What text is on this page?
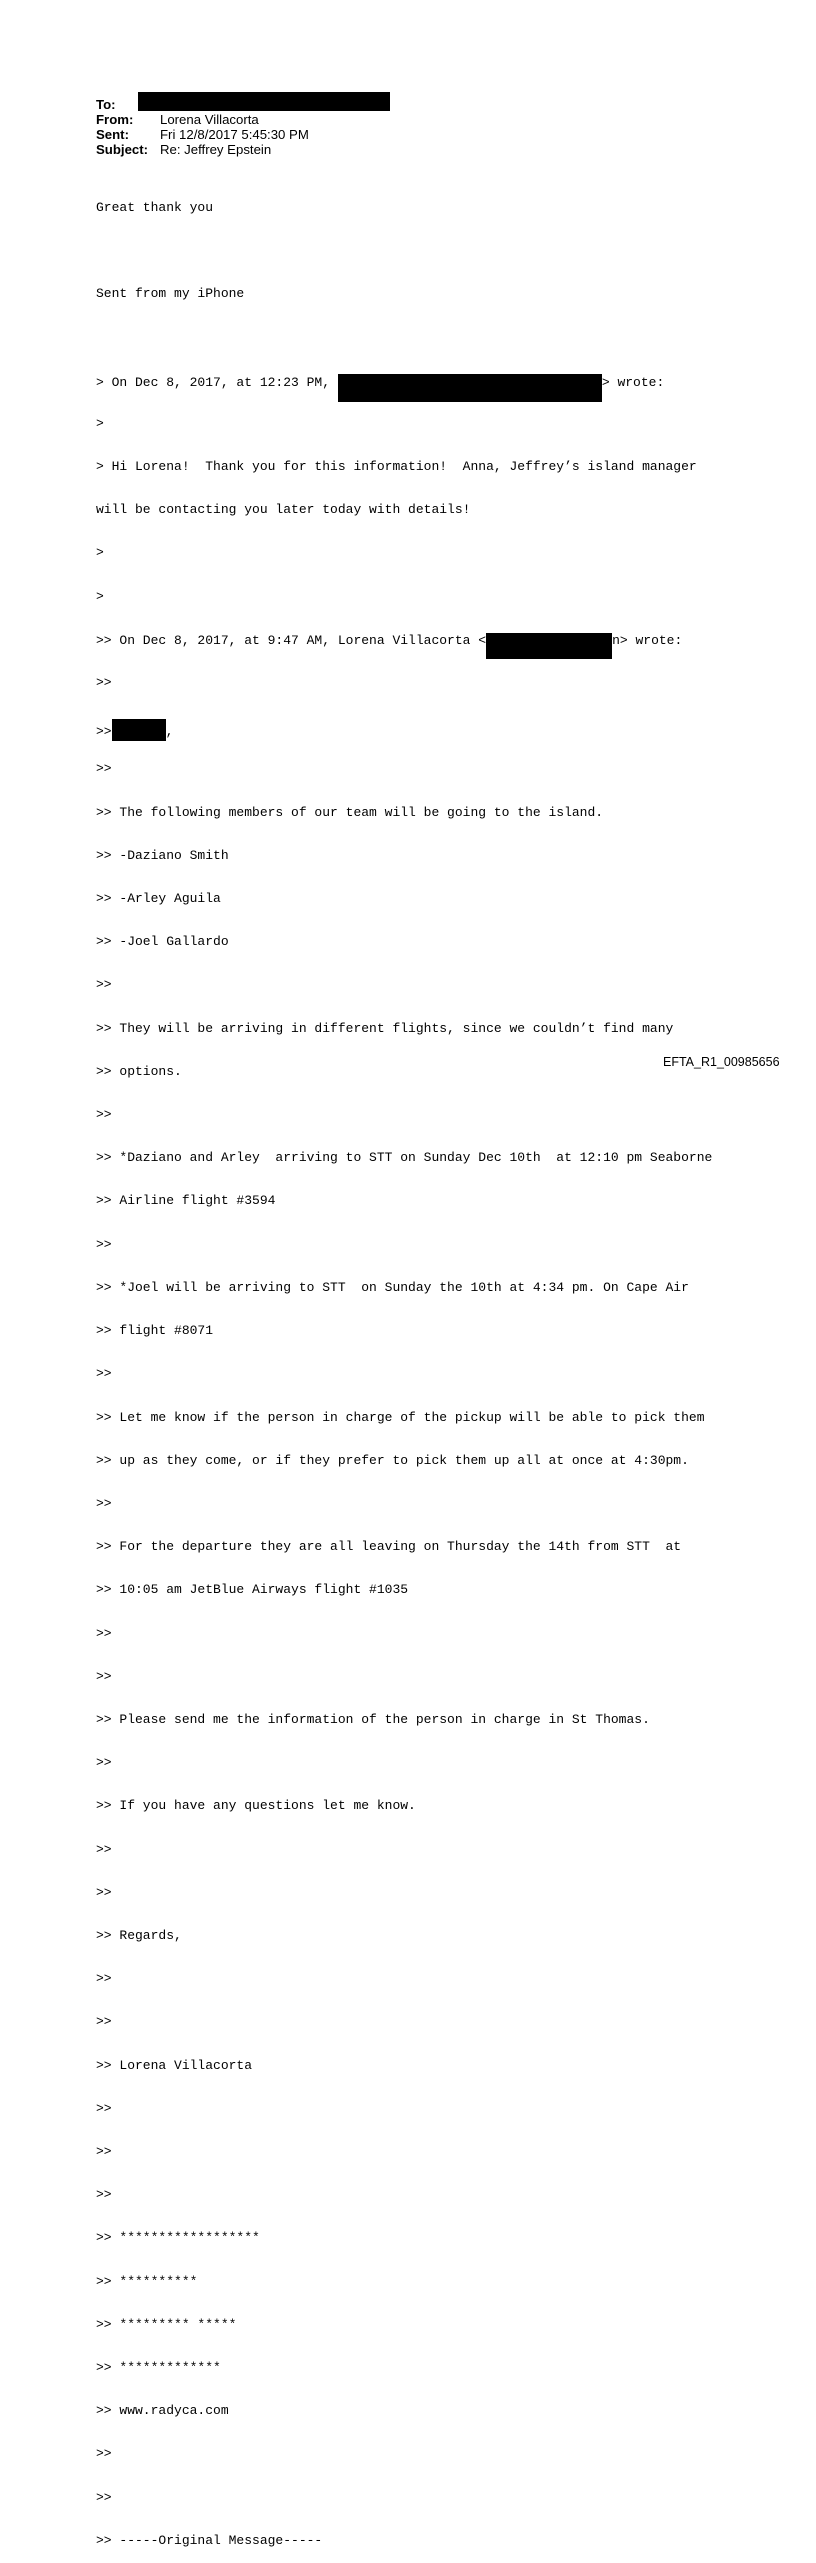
To:
From:	Lorena Villacorta
Sent:	Fri 12/8/2017 5:45:30 PM
Subject: Re: Jeffrey Epstein

Great thank you

Sent from my iPhone

> On Dec 8, 2017, at 12:23 PM,	> wrote:

>

> Hi Lorena!  Thank you for this information!  Anna, Jeffrey’s island manager

will be contacting you later today with details!

>

>

>> On Dec 8, 2017, at 9:47 AM, Lorena Villacorta <	n> wrote:

>>

>>	,

>>

>> The following members of our team will be going to the island.

>> -Daziano Smith

>> -Arley Aguila

>> -Joel Gallardo

>>

>> They will be arriving in different flights, since we couldn’t find many

>> options.

>>

>> *Daziano and Arley  arriving to STT on Sunday Dec 10th  at 12:10 pm Seaborne

>> Airline flight #3594

>>

>> *Joel will be arriving to STT  on Sunday the 10th at 4:34 pm. On Cape Air

>> flight #8071

>>

>> Let me know if the person in charge of the pickup will be able to pick them

>> up as they come, or if they prefer to pick them up all at once at 4:30pm.

>>

>> For the departure they are all leaving on Thursday the 14th from STT  at

>> 10:05 am JetBlue Airways flight #1035

>>

>>

>> Please send me the information of the person in charge in St Thomas.

>>

>> If you have any questions let me know.

>>

>>

>> Regards,

>>

>>

>> Lorena Villacorta

>>

>>

>>

>> ******************

>> **********

>> ********* *****

>> *************

>> www.radyca.com

>>

>>

>> -----Original Message-----

EFTA_R1_00985656
